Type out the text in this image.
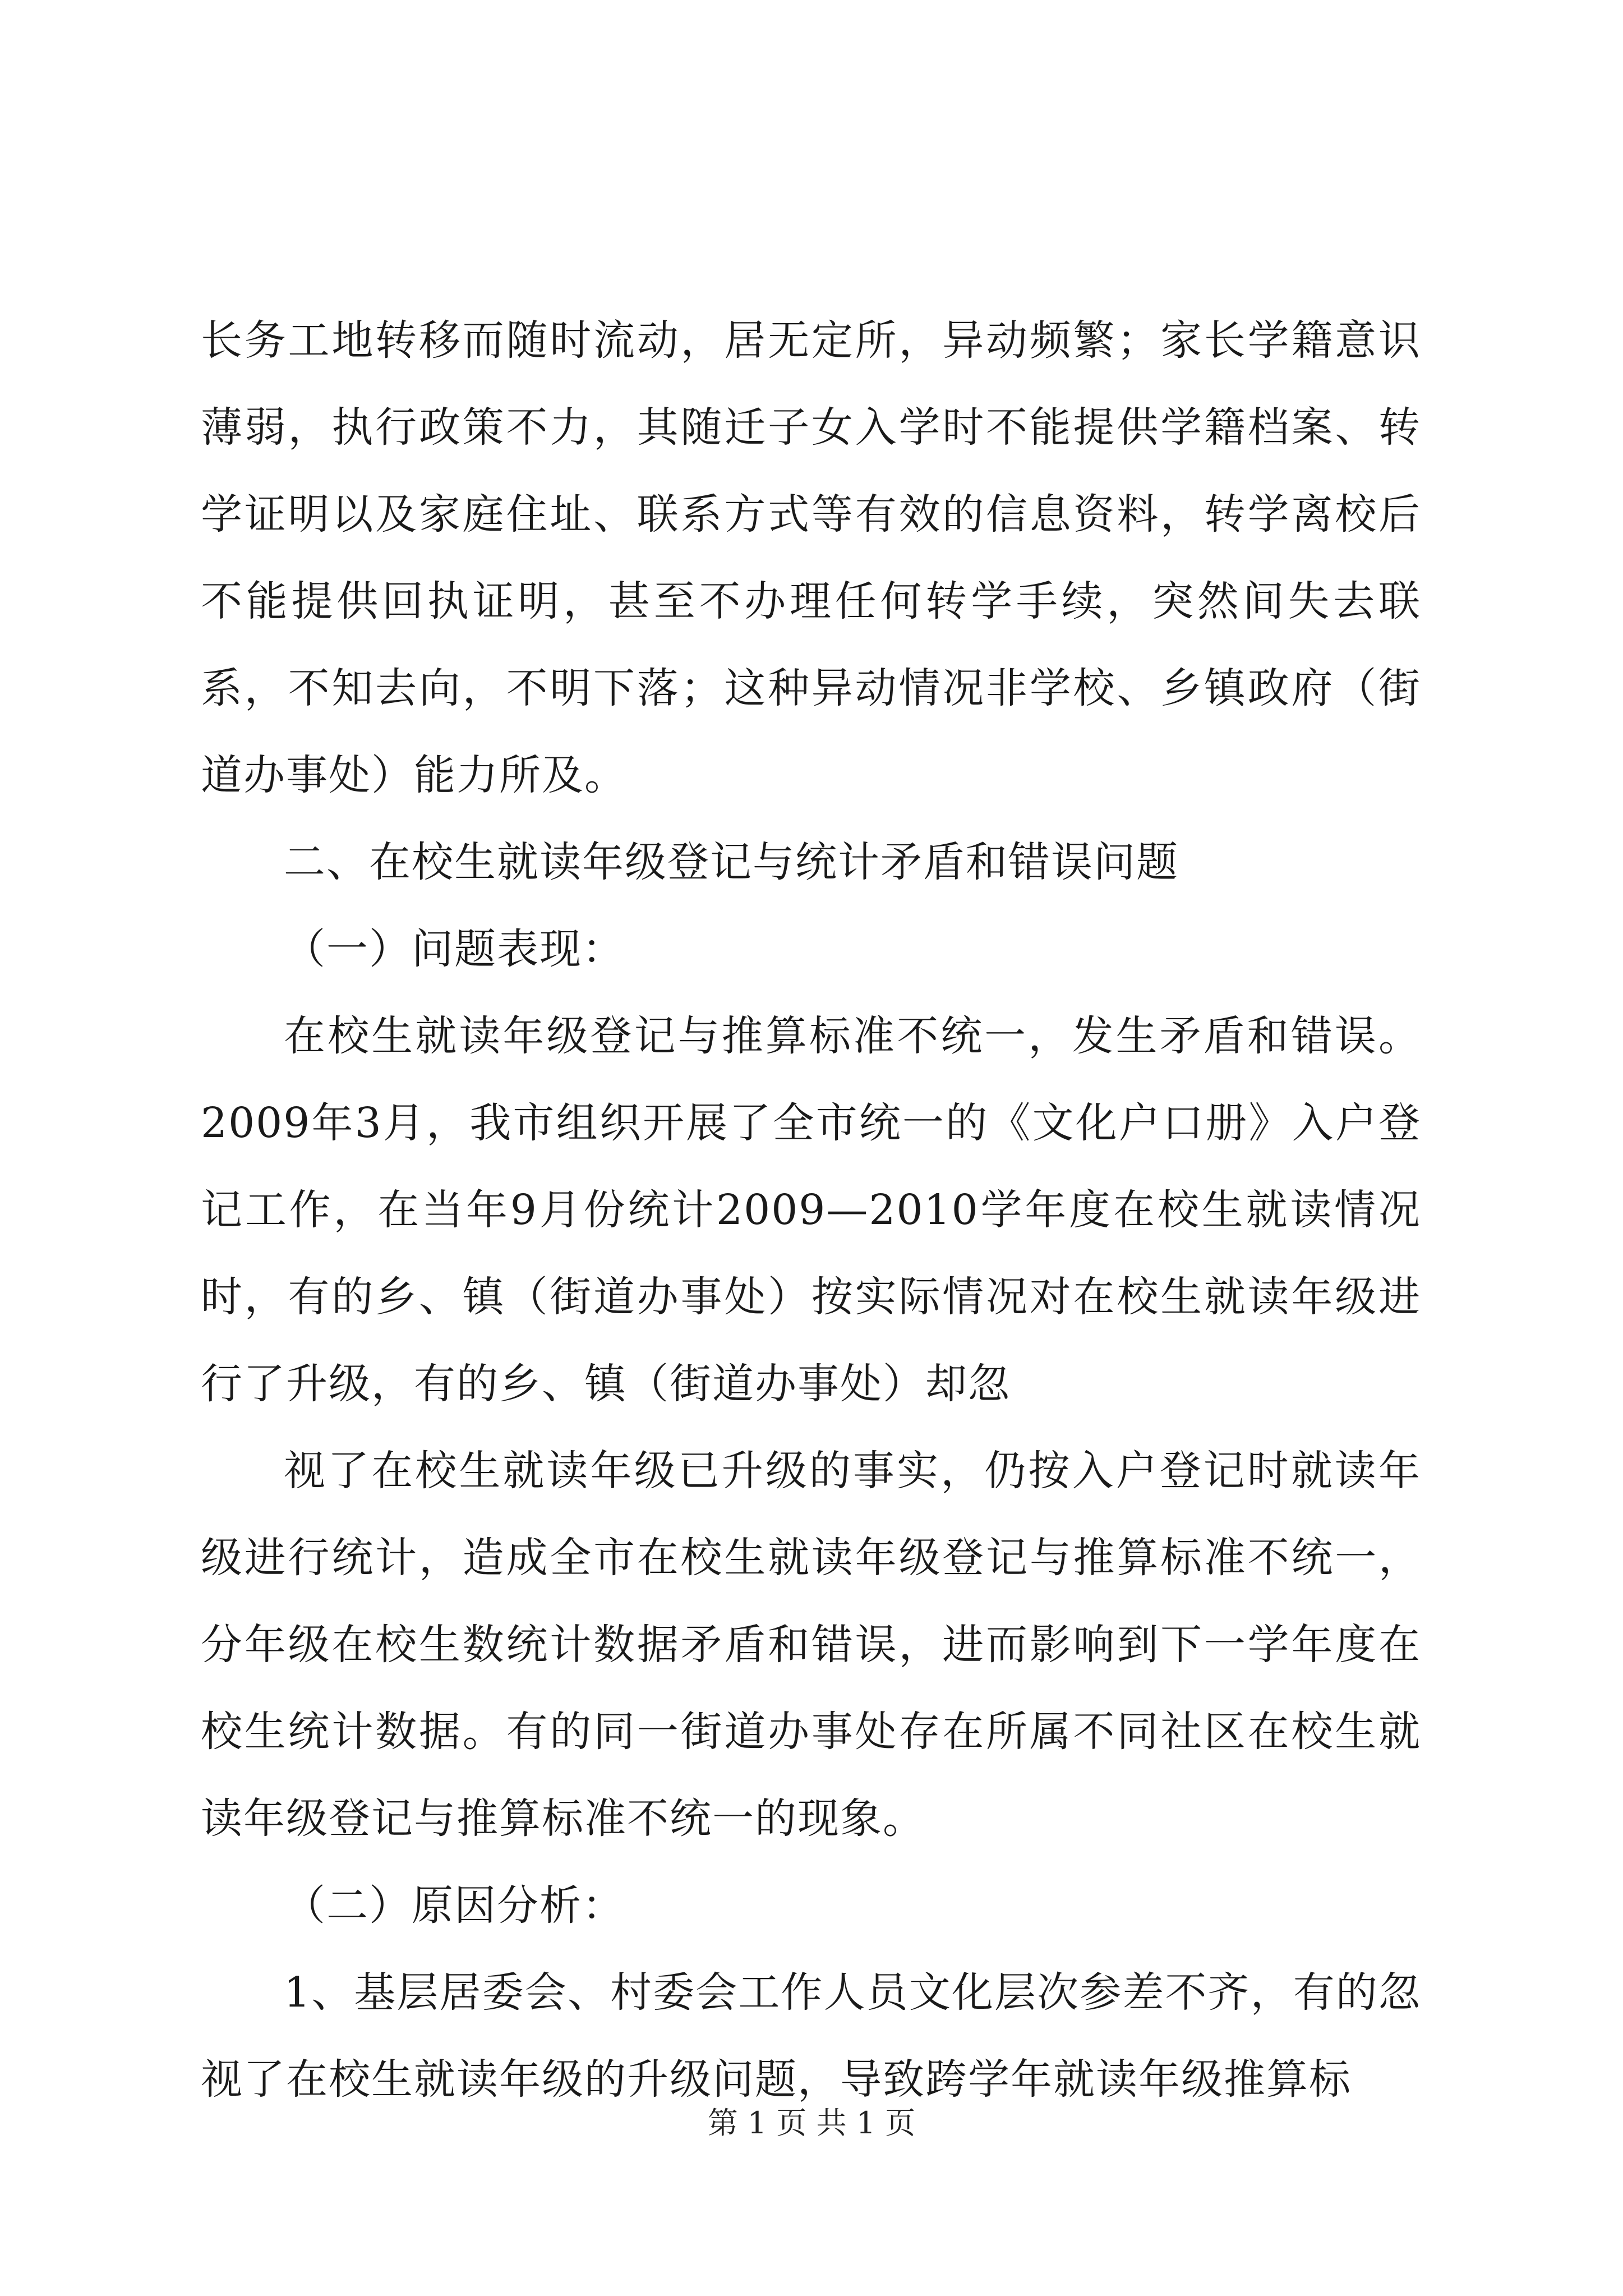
长务工地转移而随时流动，居无定所，异动频繁；家长学籍意识薄弱，执行政策不力，其随迁子女入学时不能提供学籍档案、转学证明以及家庭住址、联系方式等有效的信息资料，转学离校后不能提供回执证明，甚至不办理任何转学手续，突然间失去联系，不知去向，不明下落；这种异动情况非学校、乡镇政府（街道办事处）能力所及。

二、在校生就读年级登记与统计矛盾和错误问题

（一）问题表现：

在校生就读年级登记与推算标准不统一，发生矛盾和错误。2009年3月，我市组织开展了全市统一的《文化户口册》入户登记工作，在当年9月份统计2009—2010学年度在校生就读情况时，有的乡、镇（街道办事处）按实际情况对在校生就读年级进行了升级，有的乡、镇（街道办事处）却忽

视了在校生就读年级已升级的事实，仍按入户登记时就读年级进行统计，造成全市在校生就读年级登记与推算标准不统一，分年级在校生数统计数据矛盾和错误，进而影响到下一学年度在校生统计数据。有的同一街道办事处存在所属不同社区在校生就读年级登记与推算标准不统一的现象。

（二）原因分析：

1、基层居委会、村委会工作人员文化层次参差不齐，有的忽视了在校生就读年级的升级问题，导致跨学年就读年级推算标

第 1 页 共 1 页
